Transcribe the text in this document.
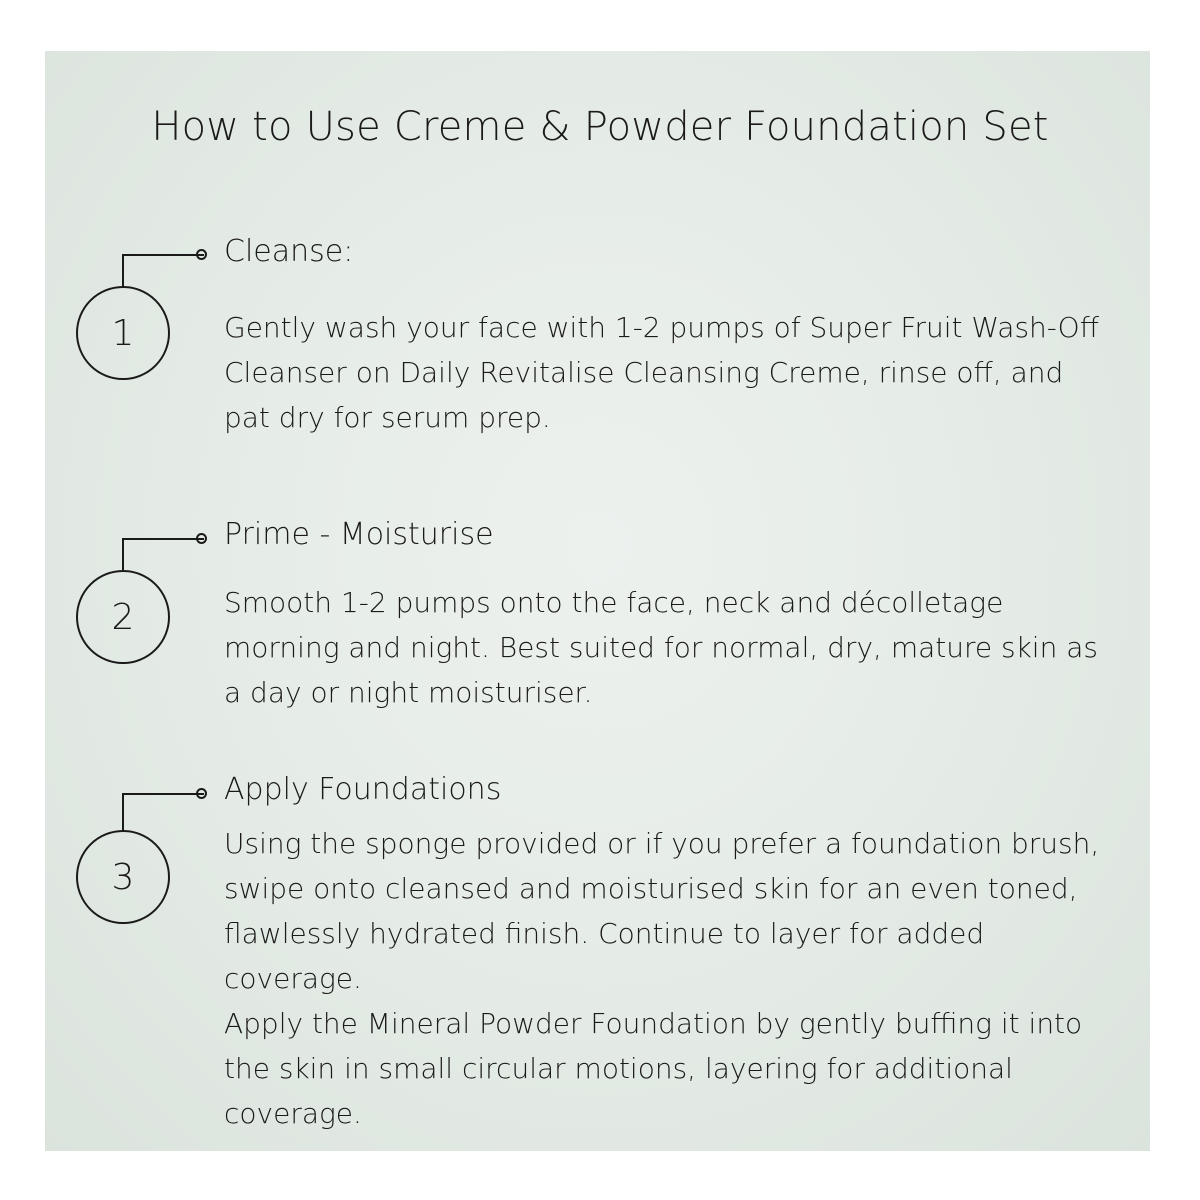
How to Use Creme & Powder Foundation Set
1
Cleanse:

Gently wash your face with 1-2 pumps of Super Fruit Wash-Off Cleanser on Daily Revitalise Cleansing Creme, rinse off, and pat dry for serum prep.

2
Prime - Moisturise

Smooth 1-2 pumps onto the face, neck and décolletage morning and night. Best suited for normal, dry, mature skin as a day or night moisturiser.

3
Apply Foundations

Using the sponge provided or if you prefer a foundation brush, swipe onto cleansed and moisturised skin for an even toned, flawlessly hydrated finish. Continue to layer for added coverage.

Apply the Mineral Powder Foundation by gently buffing it into the skin in small circular motions, layering for additional coverage.
